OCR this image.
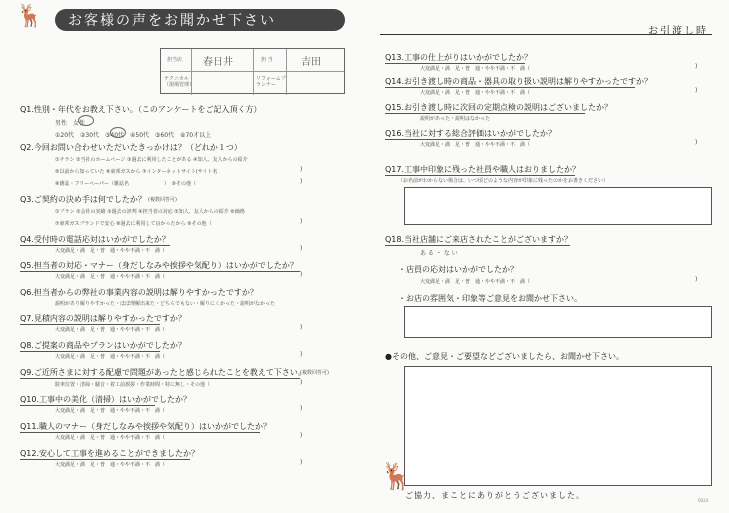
🦌 お客様の声をお聞かせ下さい
お引渡し時
担当店 春日井	担 当	吉田
テクニカル（現場管理）
リフォームプランナー
Q1.性別・年代をお教え下さい。（このアンケートをご記入頂く方）
男性　女性
①20代　②30代　③40代　④50代　⑤60代　⑥70才以上
Q2.今回お問い合わせいただいたきっかけは？（どれか１つ）
①チラシ ②当社のホームページ ③過去に利用したことがある ④知人、友人からの紹介
⑤以前から知っていた ⑥東邦ガスから ⑦インターネットサイト(サイト名	)
⑧雑誌・フリーペーパー（雑誌名　　　　　　　）　⑨その他（	)
Q3.ご契約の決め手は何でしたか？ (複数回答可)
①プラン ②会社の実績 ③過去の評判 ④担当者の対応 ⑤知人、友人からの紹介 ⑥価格
⑦東邦ガスブランドで安心 ⑧過去に利用して良かったから ⑨その他（	)
Q4.受付時の電話応対はいかがでしたか？
大変満足・満　足・普　通・やや不満・不　満（	)
Q5.担当者の対応・マナー（身だしなみや挨拶や気配り）はいかがでしたか？
大変満足・満　足・普　通・やや不満・不　満（	)
Q6.担当者からの弊社の事業内容の説明は解りやすかったですか？
説明があり解りやすかった・ほぼ理解出来た・どちらでもない・解りにくかった・説明がなかった
Q7.見積内容の説明は解りやすかったですか？
大変満足・満　足・普　通・やや不満・不　満（	)
Q8.ご提案の商品やプランはいかがでしたか？
大変満足・満　足・普　通・やや不満・不　満（	)
Q9.ご近所さまに対する配慮で問題があったと感じられたことを教えて下さい。
(複数回答可)
駐車位置・清掃・騒音・着工前挨拶・作業時間・特に無し・その他（	)
Q10.工事中の美化（清掃）はいかがでしたか？
大変満足・満　足・普　通・やや不満・不　満（	)
Q11.職人のマナー（身だしなみや挨拶や気配り）はいかがでしたか？
大変満足・満　足・普　通・やや不満・不　満（	)
Q12.安心して工事を進めることができましたか？
大変満足・満　足・普　通・やや不満・不　満（	)
Q13.工事の仕上がりはいかがでしたか？
大変満足・満　足・普　通・やや不満・不　満（	)
Q14.お引き渡し時の商品・器具の取り扱い説明は解りやすかったですか？
大変満足・満　足・普　通・やや不満・不　満（	)
Q15.お引き渡し時に次回の定期点検の説明はございましたか？
説明があった・説明はなかった
Q16.当社に対する総合評価はいかがでしたか？
大変満足・満　足・普　通・やや不満・不　満（	)
Q17.工事中印象に残った社員や職人はおりましたか？
（お名前がわからない場合は、いつ頃どのような内容が印象に残ったのかをお書きください）
Q18.当社店舗にご来店されたことがございますか？
あ る ・ な い
・店員の応対はいかがでしたか？
大変満足・満　足・普　通・やや不満・不　満（	)
・お店の雰囲気・印象等ご意見をお聞かせ下さい。
●その他、ご意見・ご要望などございましたら、お聞かせ下さい。
🦌
ご協力、まことにありがとうございました。
0024
